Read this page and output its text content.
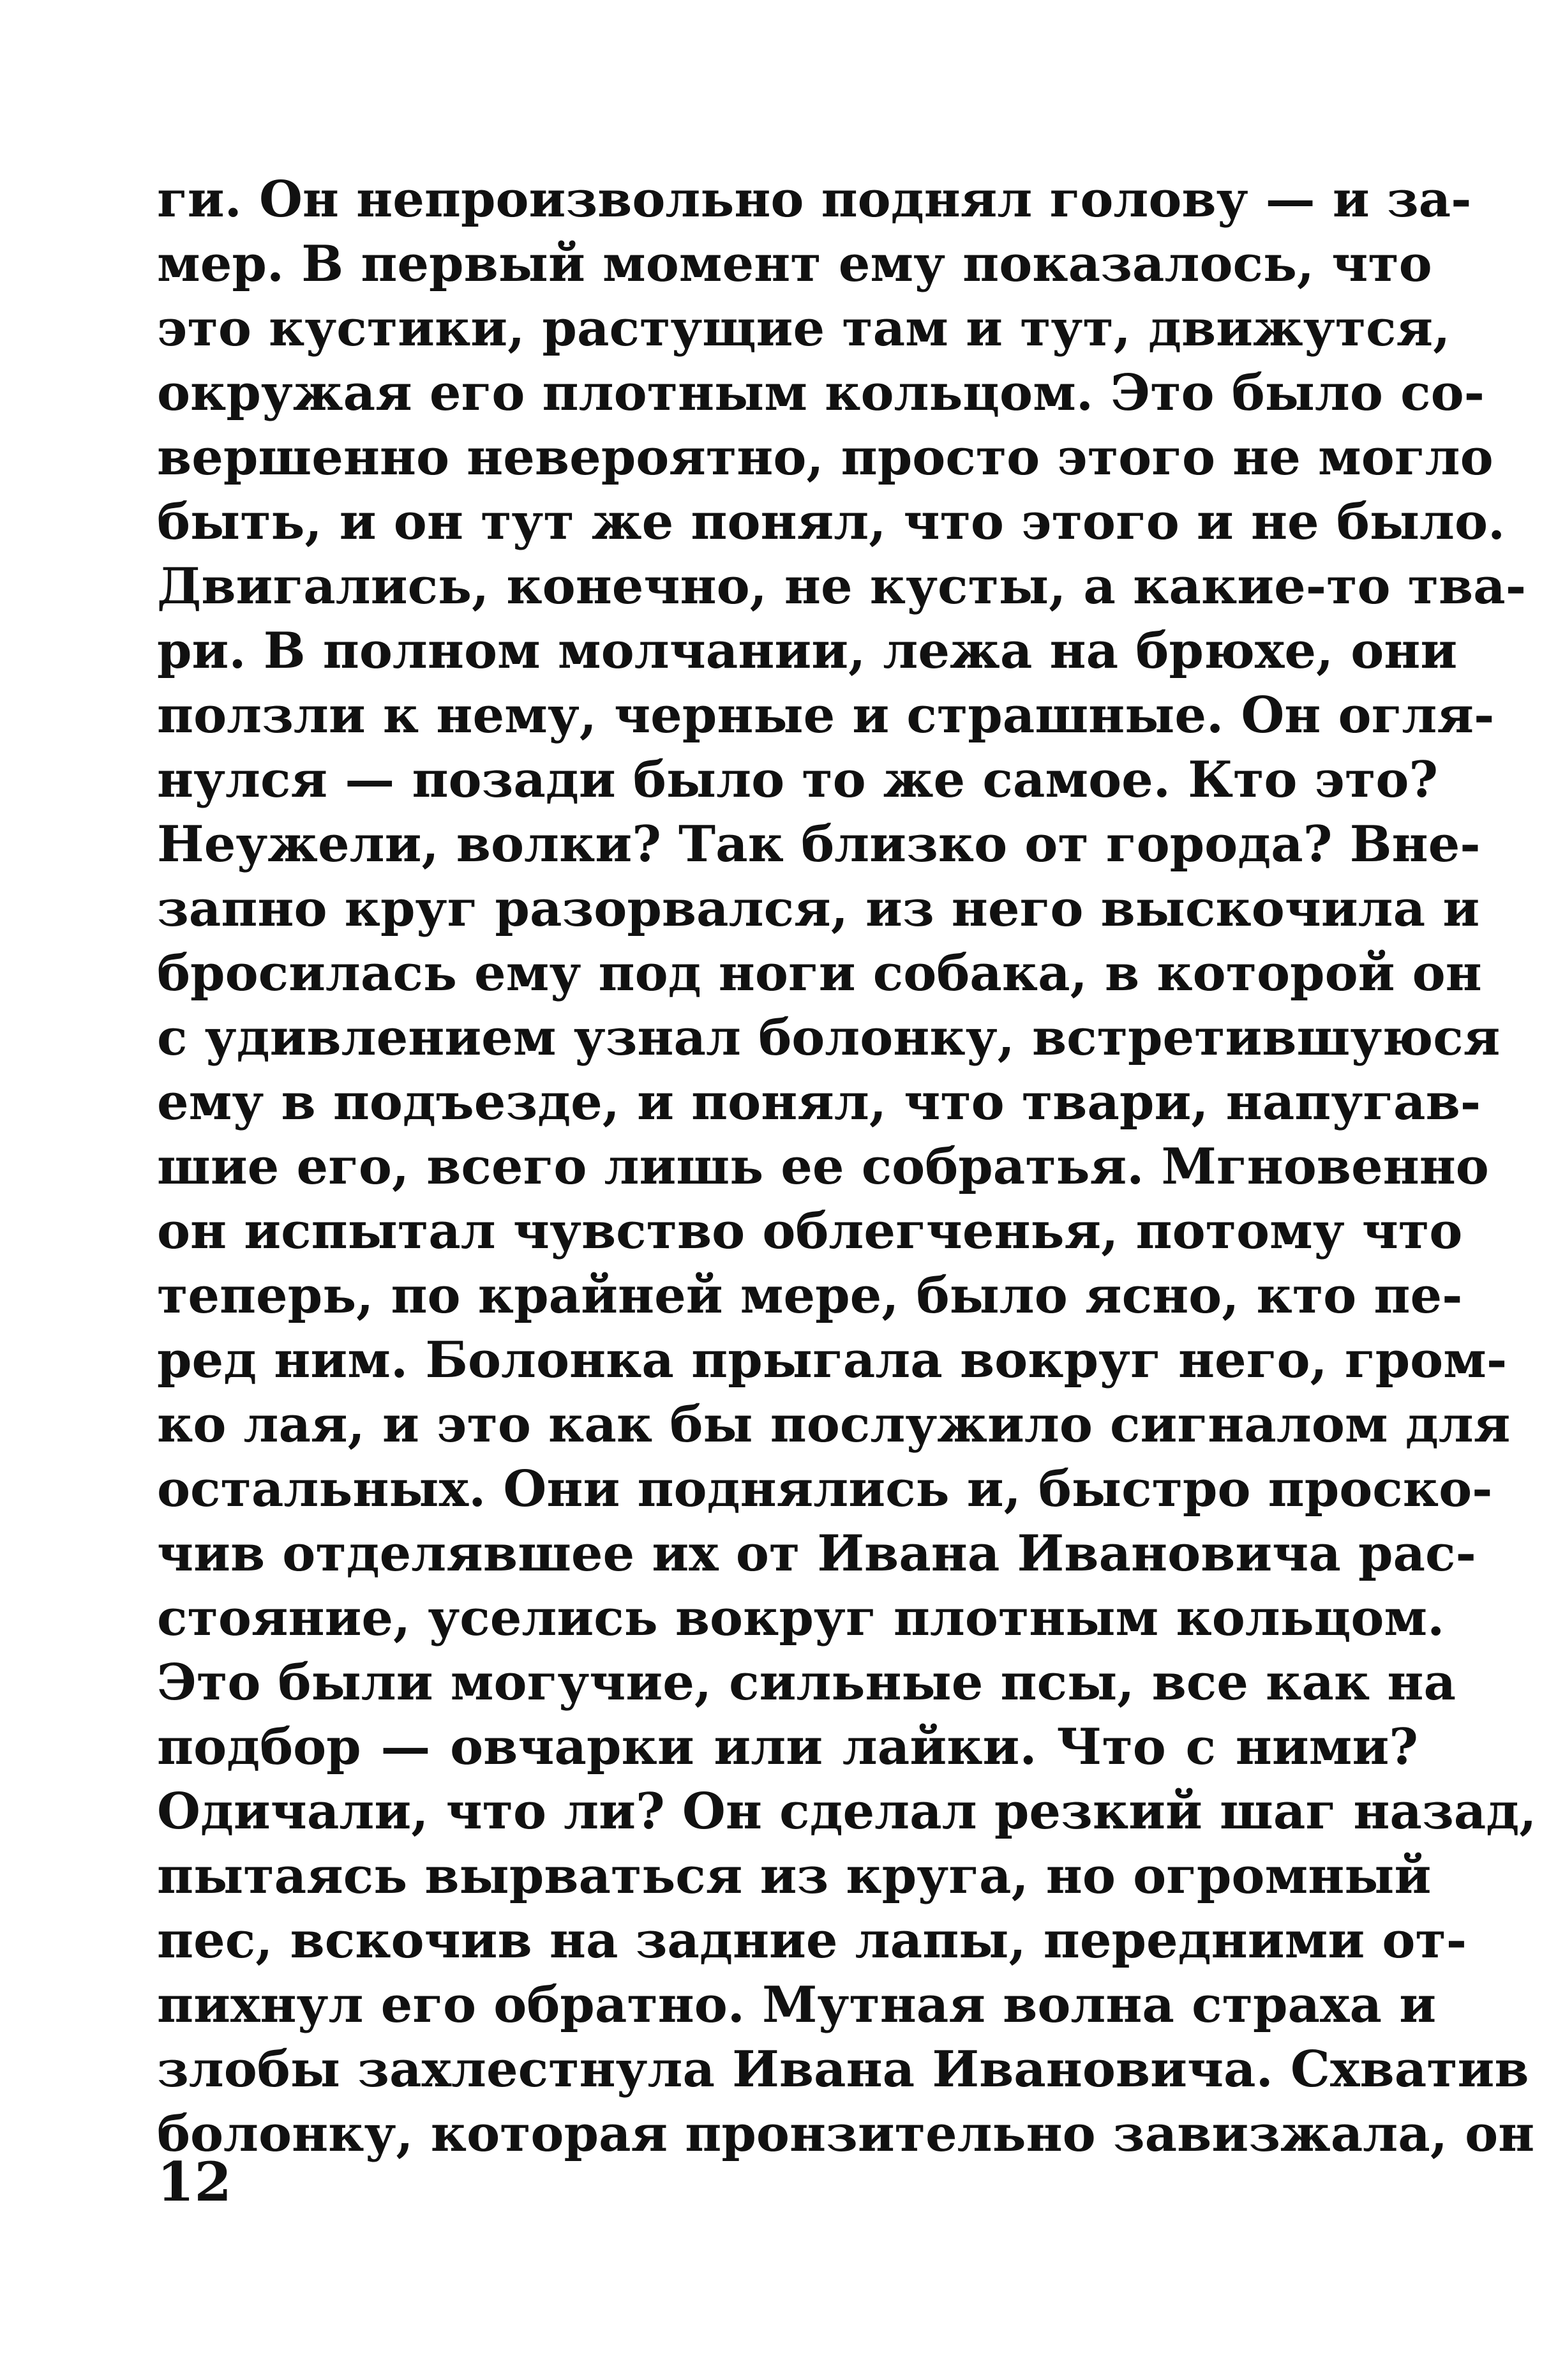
ги. Он непроизвольно поднял голову — и за-
мер. В первый момент ему показалось, что
это кустики, растущие там и тут, движутся,
окружая его плотным кольцом. Это было со-
вершенно невероятно, просто этого не могло
быть, и он тут же понял, что этого и не было.
Двигались, конечно, не кусты, а какие-то тва-
ри. В полном молчании, лежа на брюхе, они
ползли к нему, черные и страшные. Он огля-
нулся — позади было то же самое. Кто это?
Неужели, волки? Так близко от города? Вне-
запно круг разорвался, из него выскочила и
бросилась ему под ноги собака, в которой он
с удивлением узнал болонку, встретившуюся
ему в подъезде, и понял, что твари, напугав-
шие его, всего лишь ее собратья. Мгновенно
он испытал чувство облегченья, потому что
теперь, по крайней мере, было ясно, кто пе-
ред ним. Болонка прыгала вокруг него, гром-
ко лая, и это как бы послужило сигналом для
остальных. Они поднялись и, быстро проско-
чив отделявшее их от Ивана Ивановича рас-
стояние, уселись вокруг плотным кольцом.
Это были могучие, сильные псы, все как на
подбор — овчарки или лайки. Что с ними?
Одичали, что ли? Он сделал резкий шаг назад,
пытаясь вырваться из круга, но огромный
пес, вскочив на задние лапы, передними от-
пихнул его обратно. Мутная волна страха и
злобы захлестнула Ивана Ивановича. Схватив
болонку, которая пронзительно завизжала, он
12
